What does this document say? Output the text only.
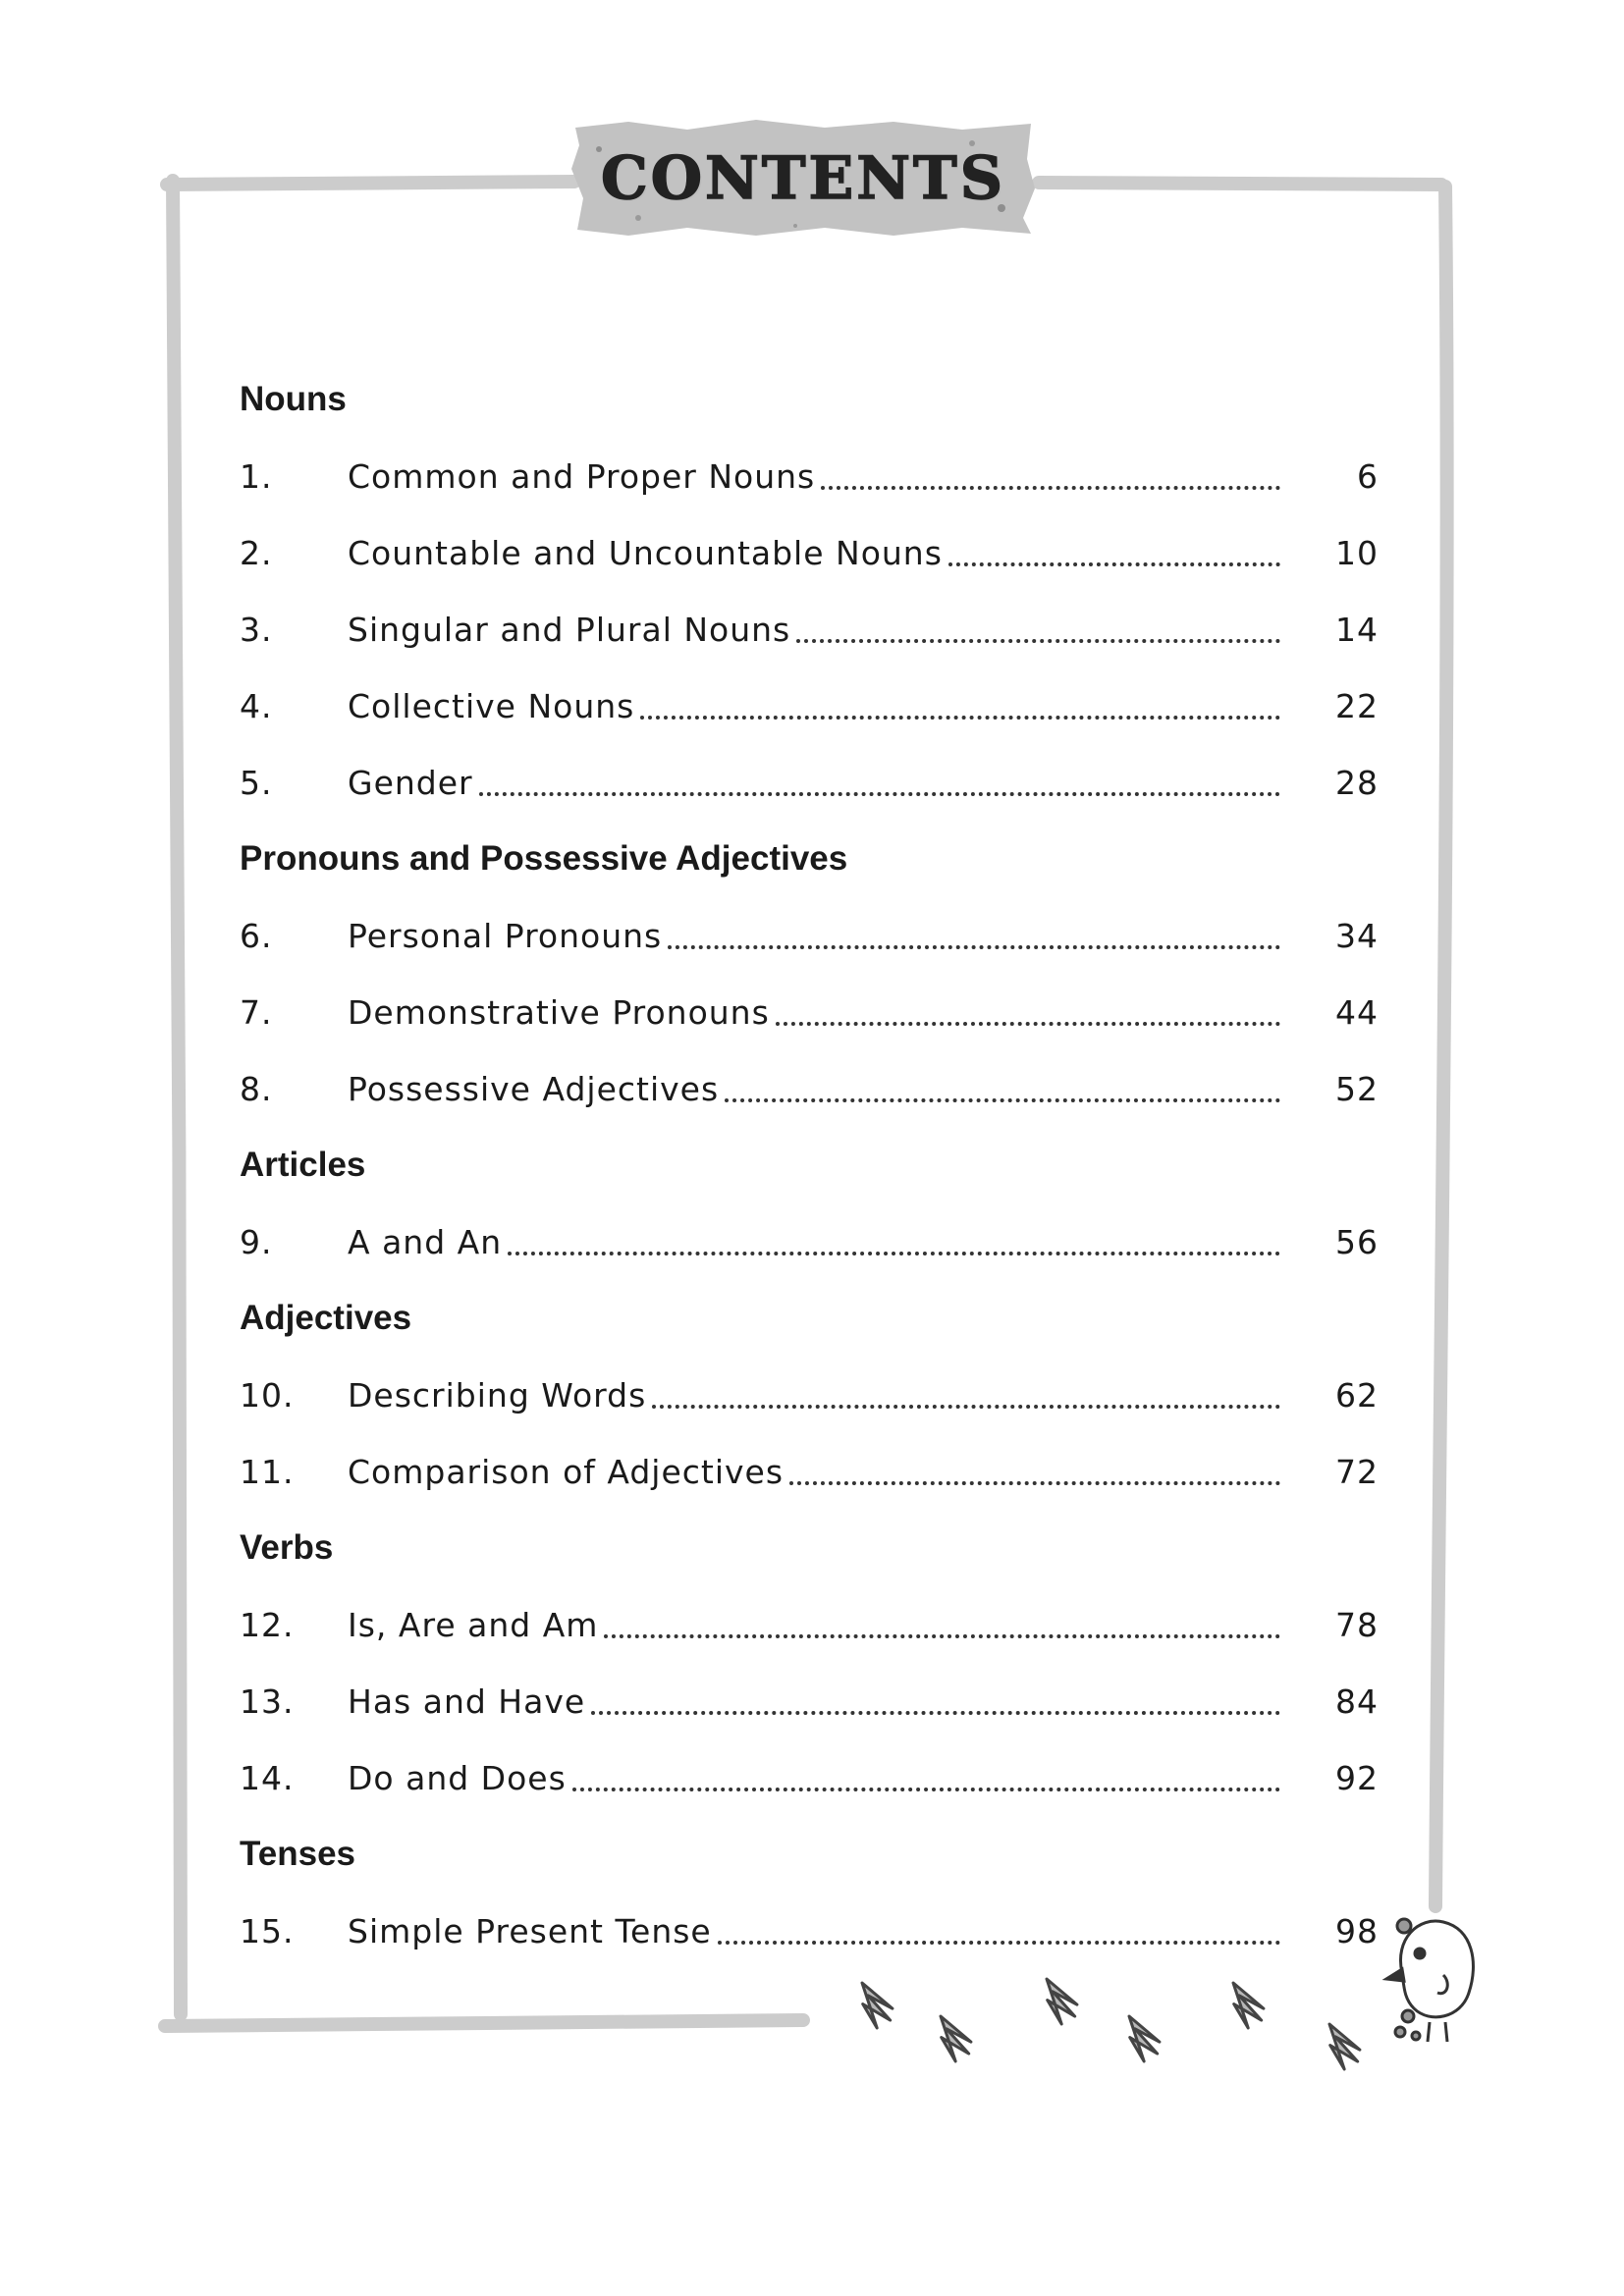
CONTENTS
Nouns
1.	Common and Proper Nouns	6
2.	Countable and Uncountable Nouns	10
3.	Singular and Plural Nouns	14
4.	Collective Nouns	22
5.	Gender	28
Pronouns and Possessive Adjectives
6.	Personal Pronouns	34
7.	Demonstrative Pronouns	44
8.	Possessive Adjectives	52
Articles
9.	A and An	56
Adjectives
10.	Describing Words	62
11.	Comparison of Adjectives	72
Verbs
12.	Is, Are and Am	78
13.	Has and Have	84
14.	Do and Does	92
Tenses
15.	Simple Present Tense	98
